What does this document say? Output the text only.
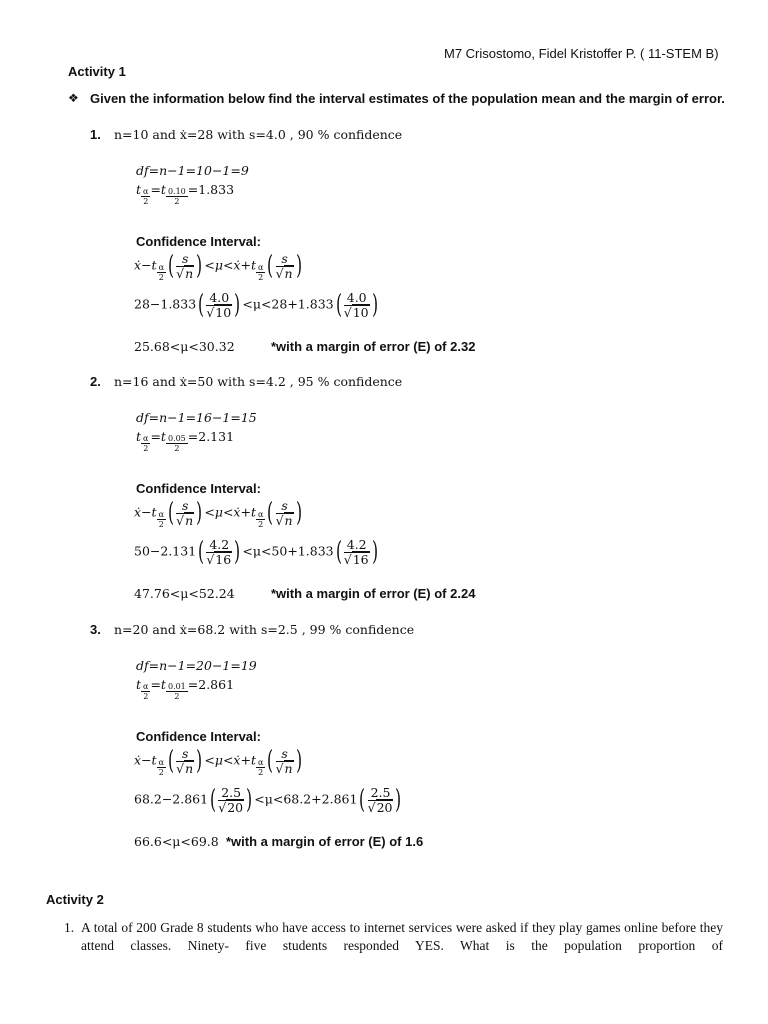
M7 Crisostomo, Fidel Kristoffer P. ( 11-STEM B)
Activity 1
❖ Given the information below find the interval estimates of the population mean and the margin of error.
1. n=10 and ẋ=28 with s=4.0 , 90 % confidence
df=n−1=10−1=9
t $\frac{\alpha}{2} =t \frac{0.10}{2} =1.833$
Confidence Interval:
ẋ−t $\frac{\alpha}{2}$ ( $\frac{s}{√n}$ ) <μ<ẋ+t $\frac{\alpha}{2}$ ( $\frac{s}{√n}$ )
$28-1.833( \frac{4.0}{√10}$ ) $<\mu<28+1.833( \frac{4.0}{√10}$ )
25.68<μ<30.32	*with a margin of error (E) of 2.32
2. n=16 and ẋ=50 with s=4.2 , 95 % confidence
df=n−1=16−1=15
t $\frac{\alpha}{2} =t \frac{0.05}{2} =2.131$
Confidence Interval:
ẋ−t $\frac{\alpha}{2}$ ( $\frac{s}{√n}$ ) <μ<ẋ+t $\frac{\alpha}{2}$ ( $\frac{s}{√n}$ )
$50-2.131( \frac{4.2}{√16}$ ) $<\mu<50+1.833( \frac{4.2}{√16}$ )
47.76<μ<52.24	*with a margin of error (E) of 2.24
3. n=20 and ẋ=68.2 with s=2.5 , 99 % confidence
df=n−1=20−1=19
t $\frac{\alpha}{2} =t \frac{0.01}{2} =2.861$
Confidence Interval:
ẋ−t $\frac{\alpha}{2}$ ( $\frac{s}{√n}$ ) <μ<ẋ+t $\frac{\alpha}{2}$ ( $\frac{s}{√n}$ )
$68.2-2.861( \frac{2.5}{√20}$ ) $<\mu<68.2+2.861( \frac{2.5}{√20}$ )
66.6<μ<69.8 *with a margin of error (E) of 1.6
Activity 2
1. A total of 200 Grade 8 students who have access to internet services were asked if they play games online before they attend classes. Ninety- five students responded YES. What is the population proportion of
